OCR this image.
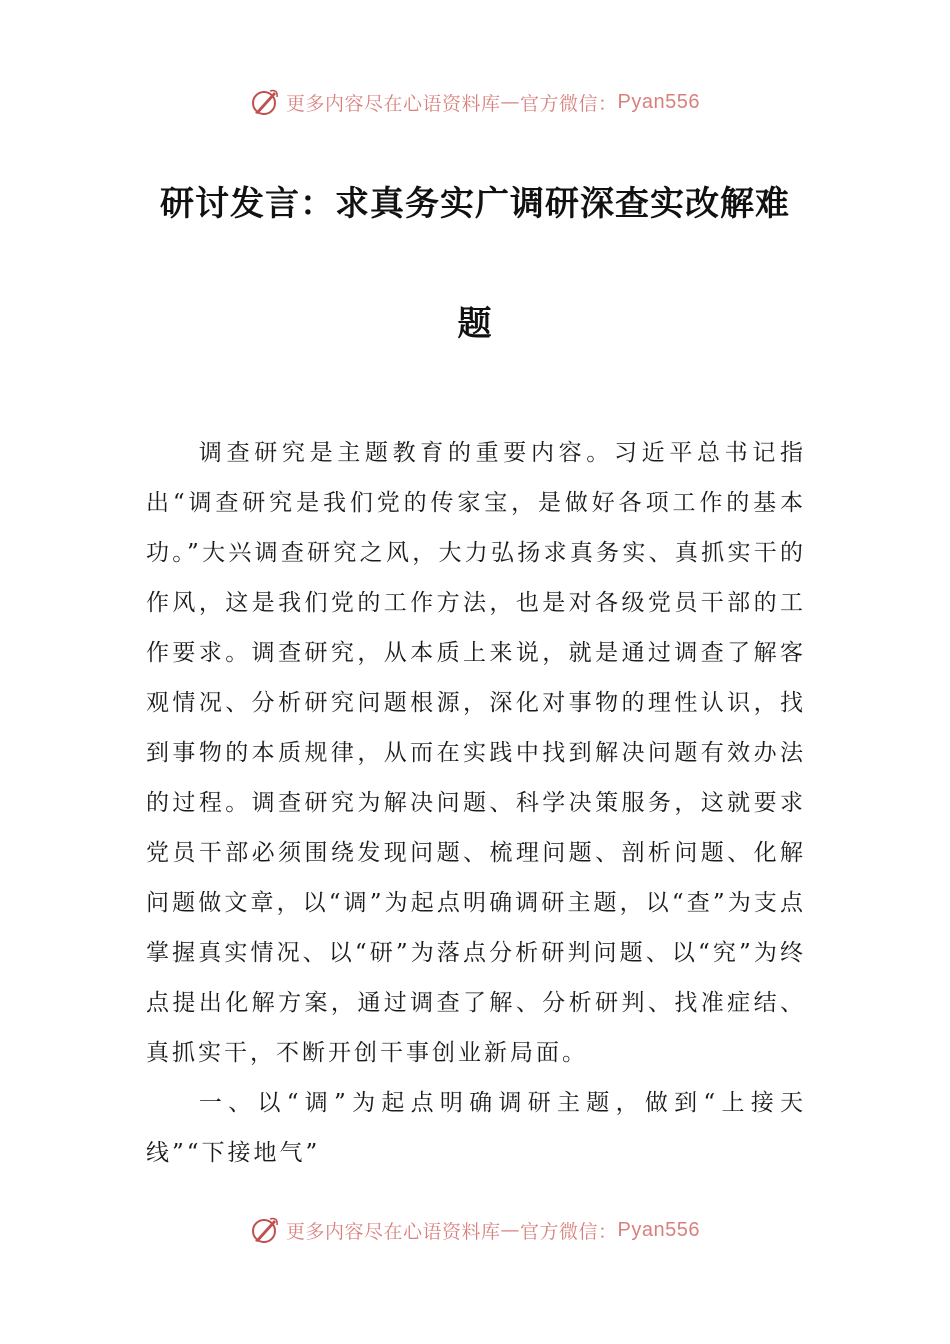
更多内容尽在心语资料库 — 官方微信： Pyan556
研讨发言：求真务实广调研深查实改解难
题

调查研究是主题教育的重要内容。习近平总书记指出“调查研究是我们党的传家宝，是做好各项工作的基本功。”大兴调查研究之风，大力弘扬求真务实、真抓实干的作风，这是我们党的工作方法，也是对各级党员干部的工作要求。调查研究，从本质上来说，就是通过调查了解客观情况、分析研究问题根源，深化对事物的理性认识，找到事物的本质规律，从而在实践中找到解决问题有效办法的过程。调查研究为解决问题、科学决策服务，这就要求党员干部必须围绕发现问题、梳理问题、剖析问题、化解问题做文章，以“调”为起点明确调研主题，以“查”为支点掌握真实情况、以“研”为落点分析研判问题、以“究”为终点提出化解方案，通过调查了解、分析研判、找准症结、真抓实干，不断开创干事创业新局面。

一、以“调”为起点明确调研主题，做到“上接天线”“下接地气”

更多内容尽在心语资料库 — 官方微信： Pyan556
